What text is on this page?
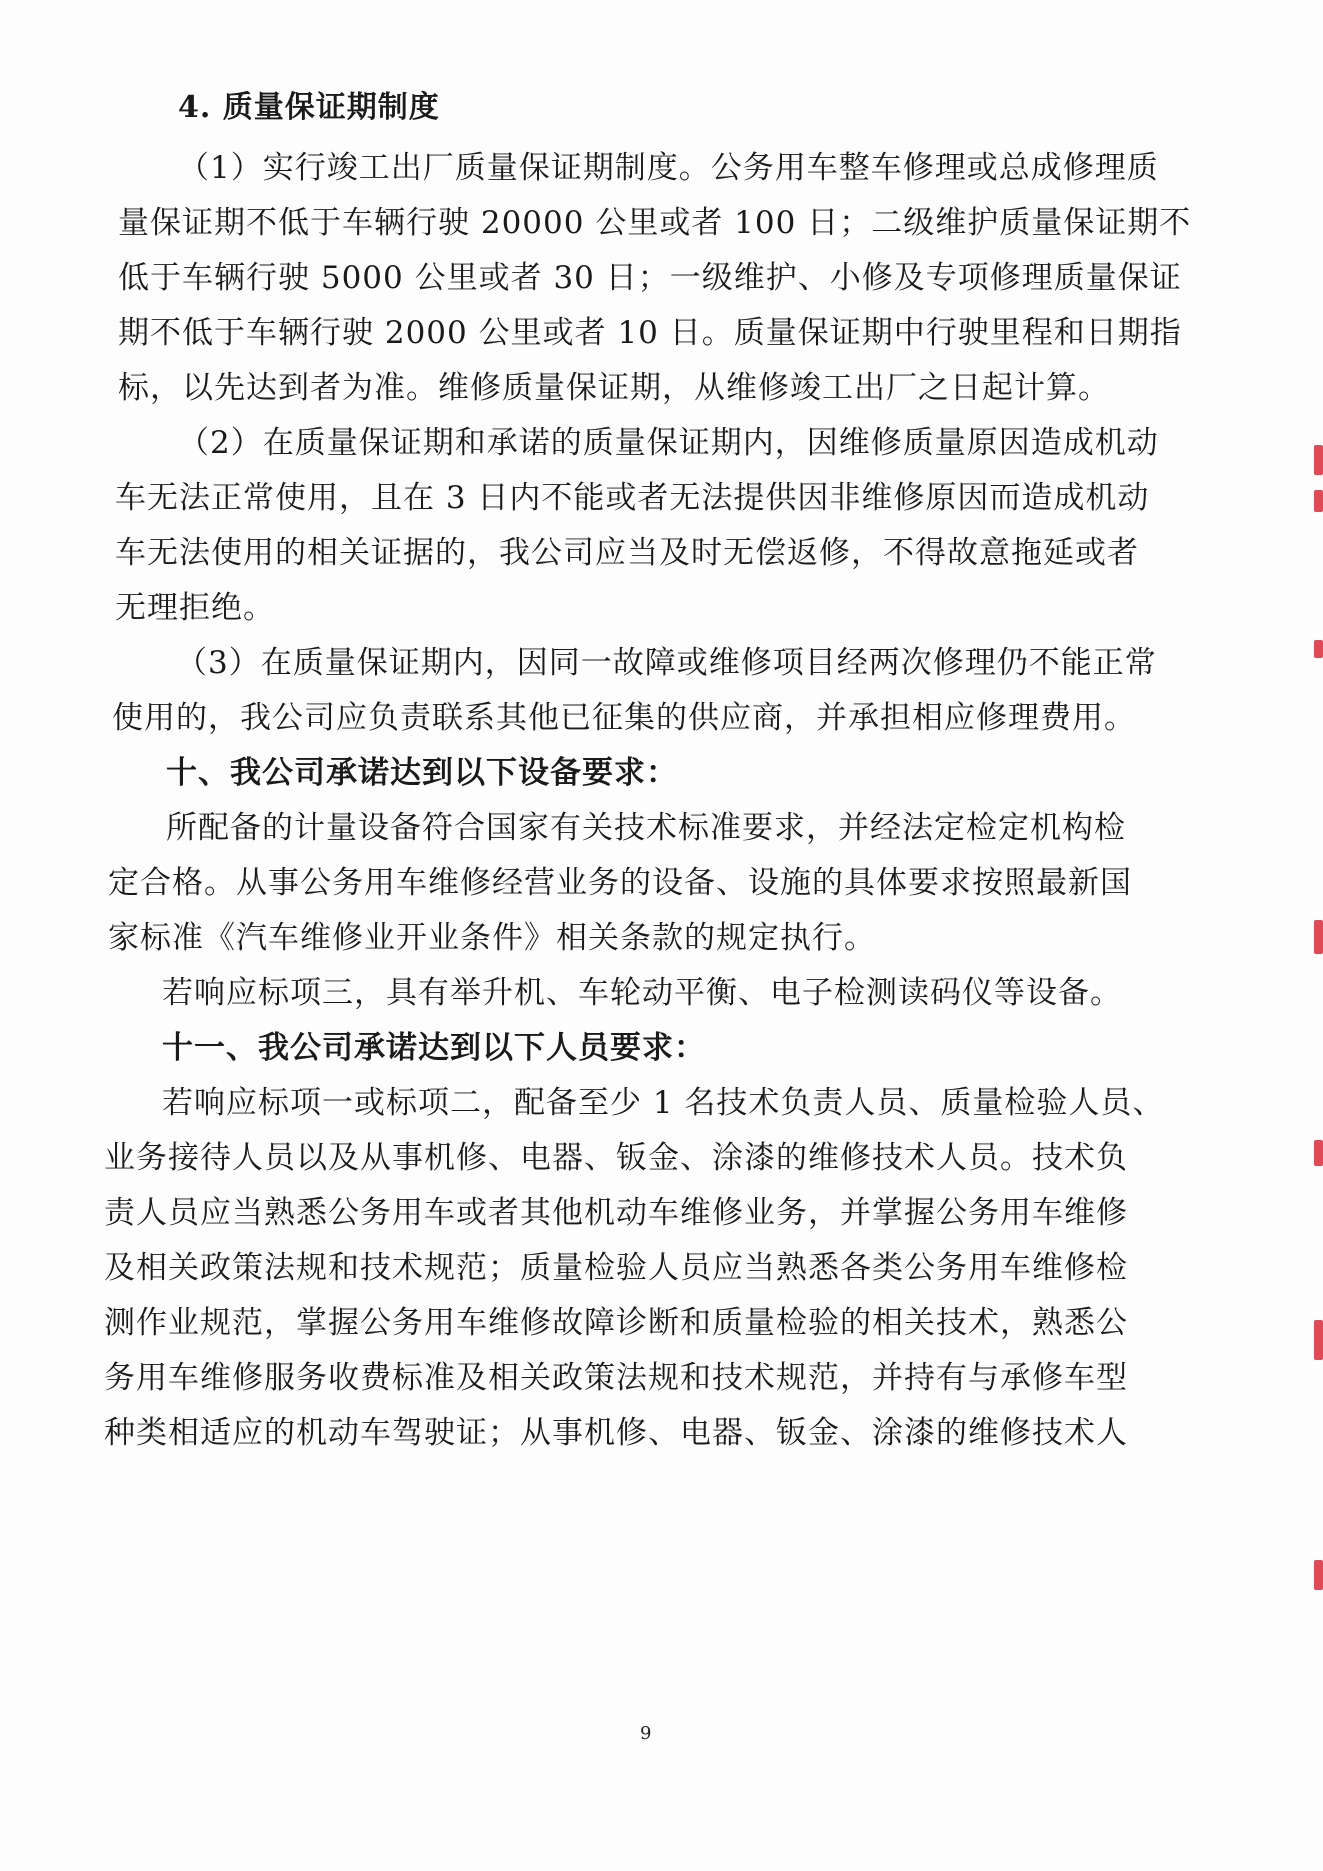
4. 质量保证期制度
（1）实行竣工出厂质量保证期制度。公务用车整车修理或总成修理质
量保证期不低于车辆行驶 20000 公里或者 100 日；二级维护质量保证期不
低于车辆行驶 5000 公里或者 30 日；一级维护、小修及专项修理质量保证
期不低于车辆行驶 2000 公里或者 10 日。质量保证期中行驶里程和日期指
标，以先达到者为准。维修质量保证期，从维修竣工出厂之日起计算。
（2）在质量保证期和承诺的质量保证期内，因维修质量原因造成机动
车无法正常使用，且在 3 日内不能或者无法提供因非维修原因而造成机动
车无法使用的相关证据的，我公司应当及时无偿返修，不得故意拖延或者
无理拒绝。
（3）在质量保证期内，因同一故障或维修项目经两次修理仍不能正常
使用的，我公司应负责联系其他已征集的供应商，并承担相应修理费用。
十、我公司承诺达到以下设备要求：
所配备的计量设备符合国家有关技术标准要求，并经法定检定机构检
定合格。从事公务用车维修经营业务的设备、设施的具体要求按照最新国
家标准《汽车维修业开业条件》相关条款的规定执行。
若响应标项三，具有举升机、车轮动平衡、电子检测读码仪等设备。
十一、我公司承诺达到以下人员要求：
若响应标项一或标项二，配备至少 1 名技术负责人员、质量检验人员、
业务接待人员以及从事机修、电器、钣金、涂漆的维修技术人员。技术负
责人员应当熟悉公务用车或者其他机动车维修业务，并掌握公务用车维修
及相关政策法规和技术规范；质量检验人员应当熟悉各类公务用车维修检
测作业规范，掌握公务用车维修故障诊断和质量检验的相关技术，熟悉公
务用车维修服务收费标准及相关政策法规和技术规范，并持有与承修车型
种类相适应的机动车驾驶证；从事机修、电器、钣金、涂漆的维修技术人
9
